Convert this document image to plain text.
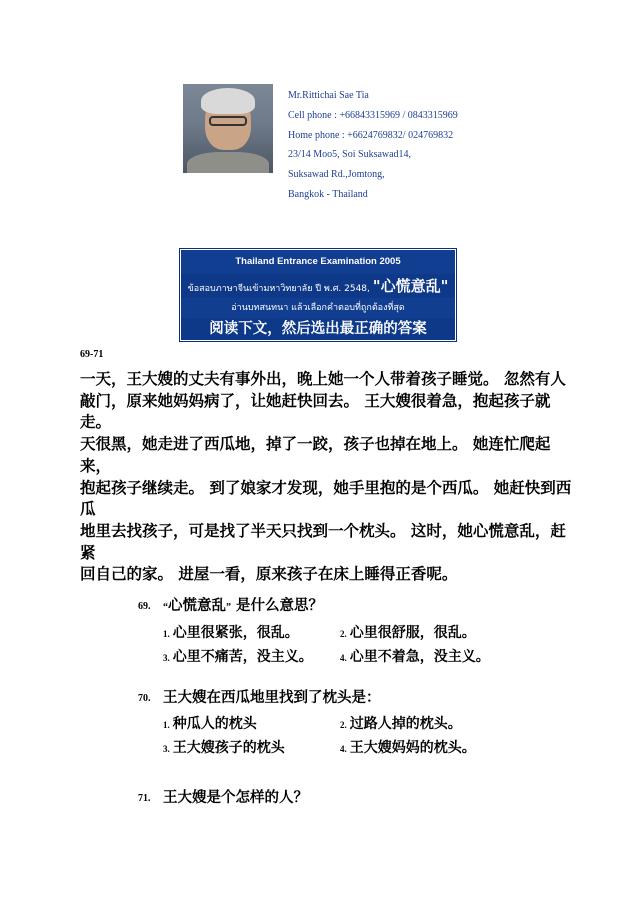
Mr.Rittichai Sae Tia
Cell phone : +66843315969 / 0843315969
Home phone : +6624769832/ 024769832
23/14 Moo5, Soi Suksawad14,
Suksawad Rd.,Jomtong,
Bangkok - Thailand
Thailand Entrance Examination 2005
ข้อสอบภาษาจีนเข้ามหาวิทยาลัย ปี พ.ศ. 2548, "心慌意乱"
อ่านบทสนทนา แล้วเลือกคำตอบที่ถูกต้องที่สุด
阅读下文，然后选出最正确的答案
69-71
一天，王大嫂的丈夫有事外出，晚上她一个人带着孩子睡觉。 忽然有人
敲门，原来她妈妈病了，让她赶快回去。 王大嫂很着急，抱起孩子就
走。
天很黑，她走进了西瓜地，掉了一跤，孩子也掉在地上。 她连忙爬起
来，
抱起孩子继续走。 到了娘家才发现，她手里抱的是个西瓜。 她赶快到西
瓜
地里去找孩子，可是找了半天只找到一个枕头。 这时，她心慌意乱，赶
紧
回自己的家。 进屋一看，原来孩子在床上睡得正香呢。
69. “心慌意乱” 是什么意思？
1. 心里很紧张，很乱。	2. 心里很舒服，很乱。
3. 心里不痛苦，没主义。	4. 心里不着急，没主义。
70. 王大嫂在西瓜地里找到了枕头是：
1. 种瓜人的枕头	2. 过路人掉的枕头。
3. 王大嫂孩子的枕头	4. 王大嫂妈妈的枕头。
71. 王大嫂是个怎样的人？
